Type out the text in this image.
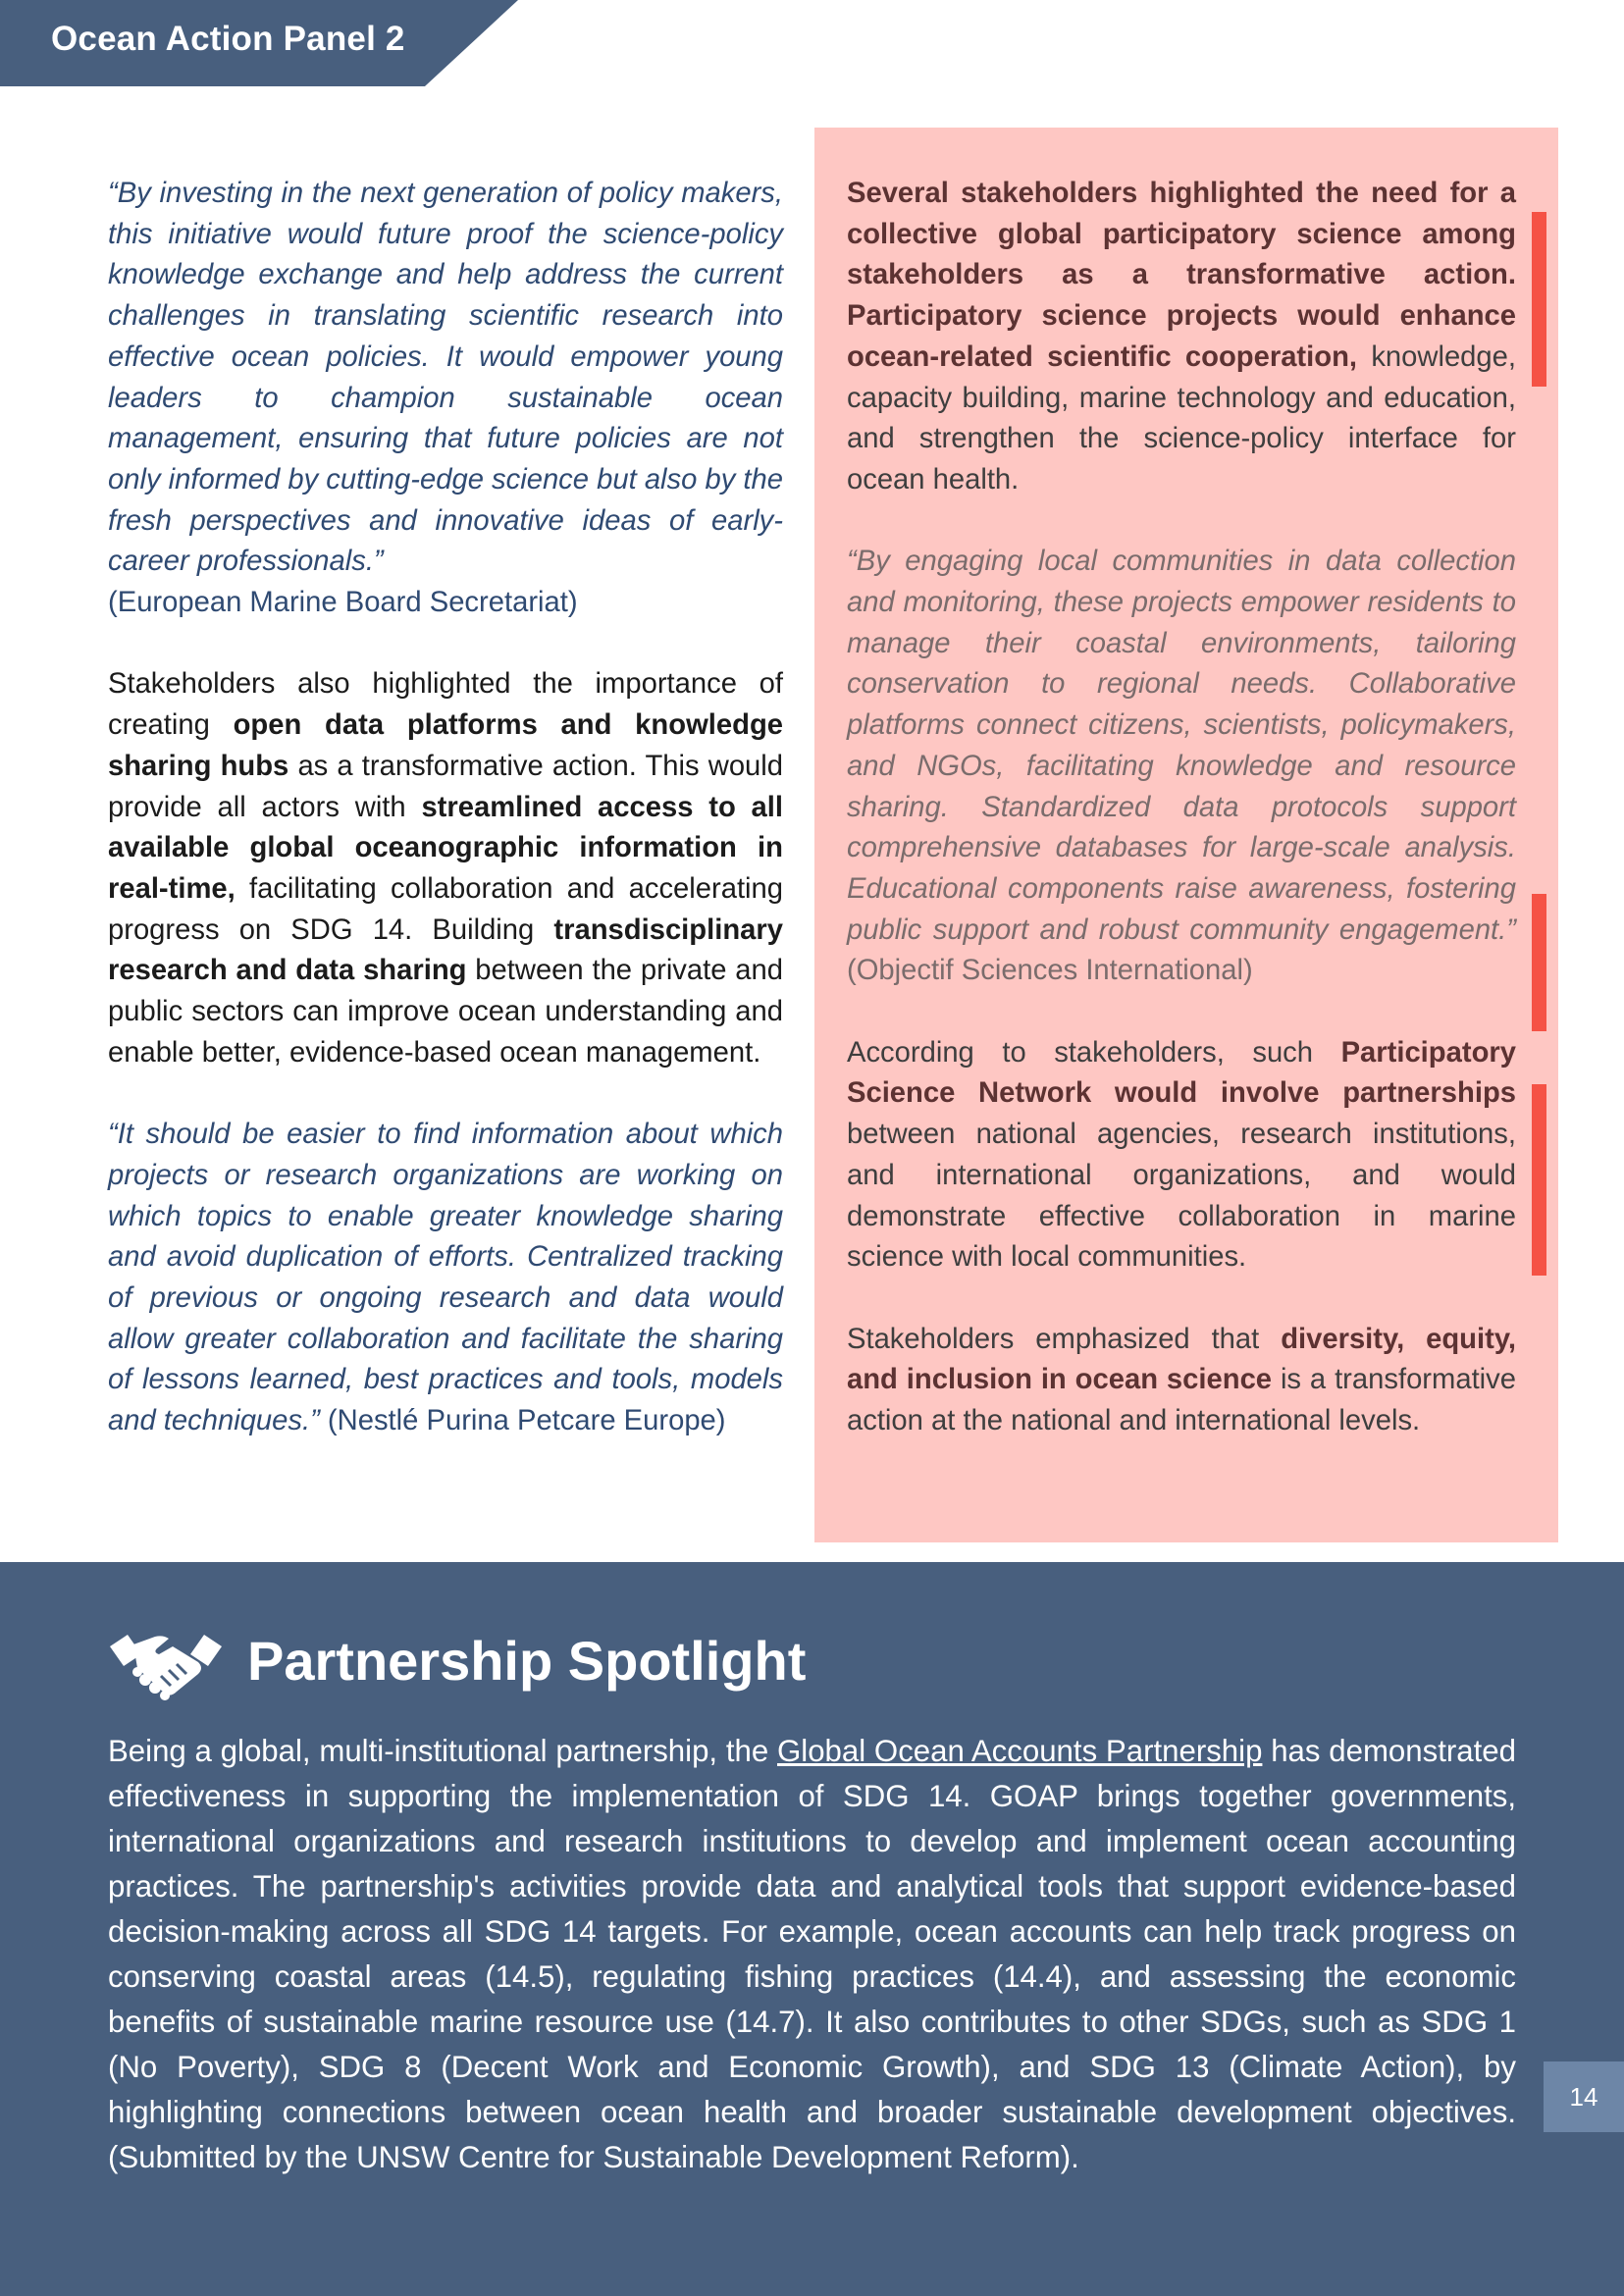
Ocean Action Panel 2

“By investing in the next generation of policy makers, this initiative would future proof the science-policy knowledge exchange and help address the current challenges in translating scientific research into effective ocean policies. It would empower young leaders to champion sustainable ocean management, ensuring that future policies are not only informed by cutting-edge science but also by the fresh perspectives and innovative ideas of early-career professionals.”
(European Marine Board Secretariat)

Stakeholders also highlighted the importance of creating open data platforms and knowledge sharing hubs as a transformative action. This would provide all actors with streamlined access to all available global oceanographic information in real-time, facilitating collaboration and accelerating progress on SDG 14. Building transdisciplinary research and data sharing between the private and public sectors can improve ocean understanding and enable better, evidence-based ocean management.

“It should be easier to find information about which projects or research organizations are working on which topics to enable greater knowledge sharing and avoid duplication of efforts. Centralized tracking of previous or ongoing research and data would allow greater collaboration and facilitate the sharing of lessons learned, best practices and tools, models and techniques.” (Nestlé Purina Petcare Europe)

Several stakeholders highlighted the need for a collective global participatory science among stakeholders as a transformative action. Participatory science projects would enhance ocean-related scientific cooperation, knowledge, capacity building, marine technology and education, and strengthen the science-policy interface for ocean health.

“By engaging local communities in data collection and monitoring, these projects empower residents to manage their coastal environments, tailoring conservation to regional needs. Collaborative platforms connect citizens, scientists, policymakers, and NGOs, facilitating knowledge and resource sharing. Standardized data protocols support comprehensive databases for large-scale analysis. Educational components raise awareness, fostering public support and robust community engagement.” (Objectif Sciences International)

According to stakeholders, such Participatory Science Network would involve partnerships between national agencies, research institutions, and international organizations, and would demonstrate effective collaboration in marine science with local communities.

Stakeholders emphasized that diversity, equity, and inclusion in ocean science is a transformative action at the national and international levels.

Partnership Spotlight
Being a global, multi-institutional partnership, the Global Ocean Accounts Partnership has demonstrated effectiveness in supporting the implementation of SDG 14. GOAP brings together governments, international organizations and research institutions to develop and implement ocean accounting practices. The partnership's activities provide data and analytical tools that support evidence-based decision-making across all SDG 14 targets. For example, ocean accounts can help track progress on conserving coastal areas (14.5), regulating fishing practices (14.4), and assessing the economic benefits of sustainable marine resource use (14.7). It also contributes to other SDGs, such as SDG 1 (No Poverty), SDG 8 (Decent Work and Economic Growth), and SDG 13 (Climate Action), by highlighting connections between ocean health and broader sustainable development objectives. (Submitted by the UNSW Centre for Sustainable Development Reform).
14
